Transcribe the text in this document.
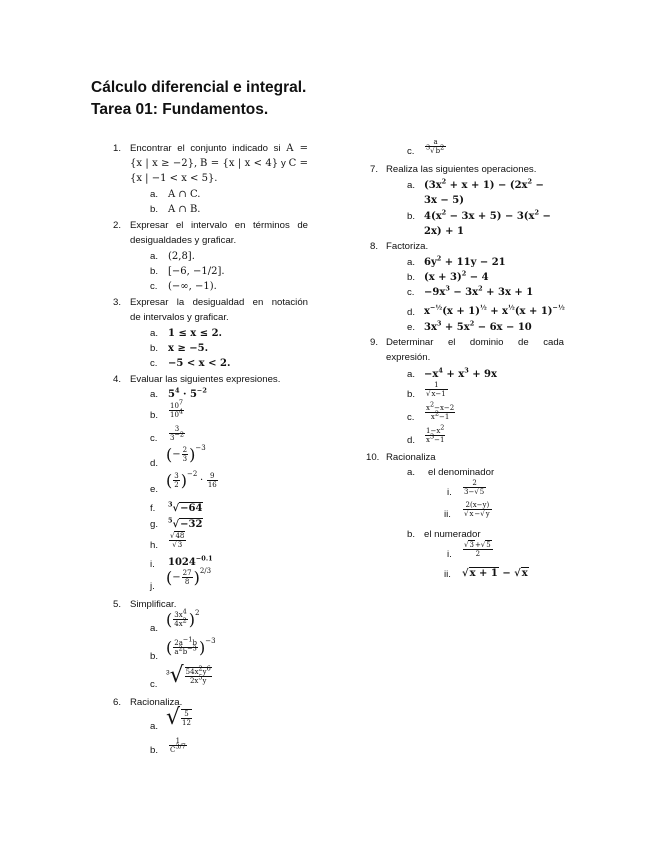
Cálculo diferencial e integral.
Tarea 01: Fundamentos.
1. Encontrar el conjunto indicado si A =
{x | x ≥ −2}, B = {x | x < 4} y C =
{x | −1 < x < 5}.
a. A ∩ C.
b. A ∩ B.
2. Expresar el intervalo en términos de
desigualdades y graficar.
a. (2,8].
b. [−6, −1/2].
c. (−∞, −1).
3. Expresar la desigualdad en notación
de intervalos y graficar.
a. 1 ≤ x ≤ 2.
b. x ≥ −5.
c. −5 < x < 2.
4. Evaluar las siguientes expresiones.
a. $5^4 \cdot 5^{-2}$
b. $\frac{10^7}{10^4}$
c. $\frac{3}{3^{-2}}$
d. (− $\frac{2}{3} )^{-3}$
e. ( $\frac{3}{2} )^{-2} \cdot \frac{9}{16}$
f. $^3$√−64
g. $^5$√−32
h. $\frac{√48}{√3}$
i. $1024^{-0.1}$
j. (− $\frac{27}{8} )^{2/3}$
5. Simplificar.
a. ( $\frac{3x^4}{4x^2} )^2$
b. ( $\frac{2a^{-1}b}{a^2b^{-3}} )^{-3}$
c.
$^3√ \frac{54x^2y^6}{2x^5y}$
6. Racionaliza.
a. √ $\frac{5}{12}$
b. $\frac{1}{C^{3/7}}$
c. $\frac{a}{^3√b^2}$
7. Realiza las siguientes operaciones.
a. $(3x^2 + x + 1) - (2x^2$ −
3x − 5)
b. $4(x^2 - 3x + 5) - 3(x^2$ −
2x) + 1
8. Factoriza.
a. $6y^2 + 11y - 21$
b. $(x + 3)^2 - 4$
c. $-9x^3 - 3x^2 + 3x + 1$
d. $x^{-\frac{1}{2}}(x + 1)^{\frac{1}{2}} + x^{\frac{1}{2}}(x + 1)^{-\frac{1}{2}}$
e. $3x^3 + 5x^2 - 6x - 10$
9. Determinar el dominio de cada
expresión.
a. $-x^4 + x^3 + 9x$
b. $\frac{1}{√x-1}$
c. $\frac{x^2-x-2}{x^2-1}$
d. $\frac{1-x^2}{x^3-1}$
10. Racionaliza
a. el denominador
i. $\frac{2}{3-√5}$
ii. $\frac{2(x-y)}{√x-√y}$
b. el numerador
i. $\frac{√3+√5}{2}$
ii. √x + 1 − √x
